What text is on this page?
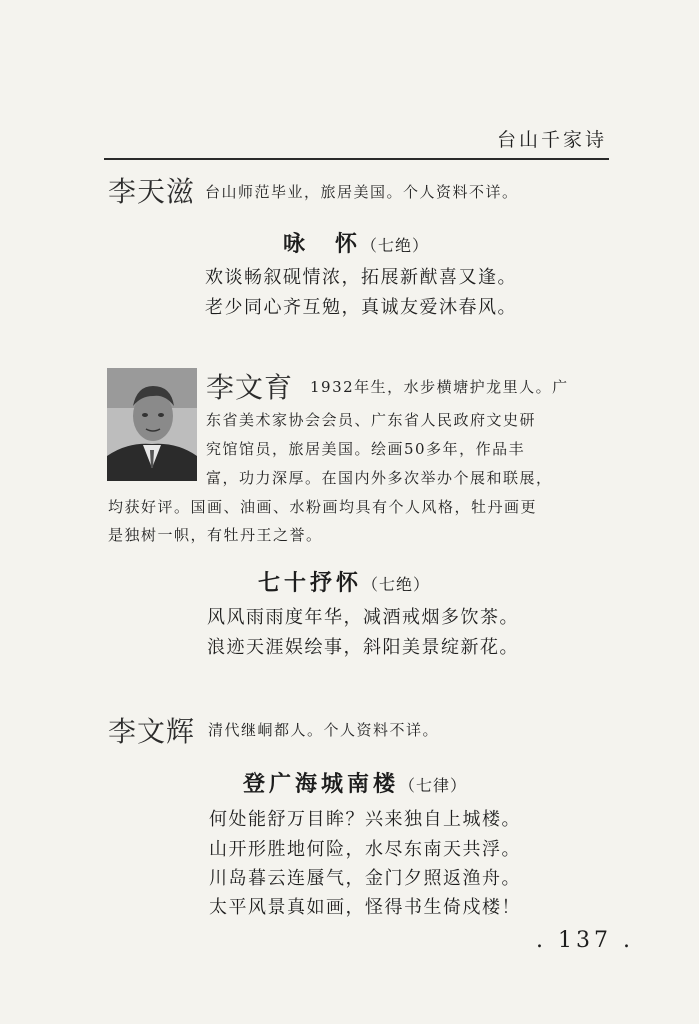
台山千家诗
李天滋 台山师范毕业，旅居美国。个人资料不详。
咏　怀（七绝）
欢谈畅叙砚情浓，拓展新猷喜又逢。
老少同心齐互勉，真诚友爱沐春风。
李文育 1932年生，水步横塘护龙里人。广
东省美术家协会会员、广东省人民政府文史研
究馆馆员，旅居美国。绘画50多年，作品丰
富，功力深厚。在国内外多次举办个展和联展，
均获好评。国画、油画、水粉画均具有个人风格，牡丹画更
是独树一帜，有牡丹王之誉。
七十抒怀（七绝）
风风雨雨度年华，减酒戒烟多饮茶。
浪迹天涯娱绘事，斜阳美景绽新花。
李文辉 清代继峒都人。个人资料不详。
登广海城南楼（七律）
何处能舒万目眸？兴来独自上城楼。
山开形胜地何险，水尽东南天共浮。
川岛暮云连蜃气，金门夕照返渔舟。
太平风景真如画，怪得书生倚戍楼！
. 137 .
